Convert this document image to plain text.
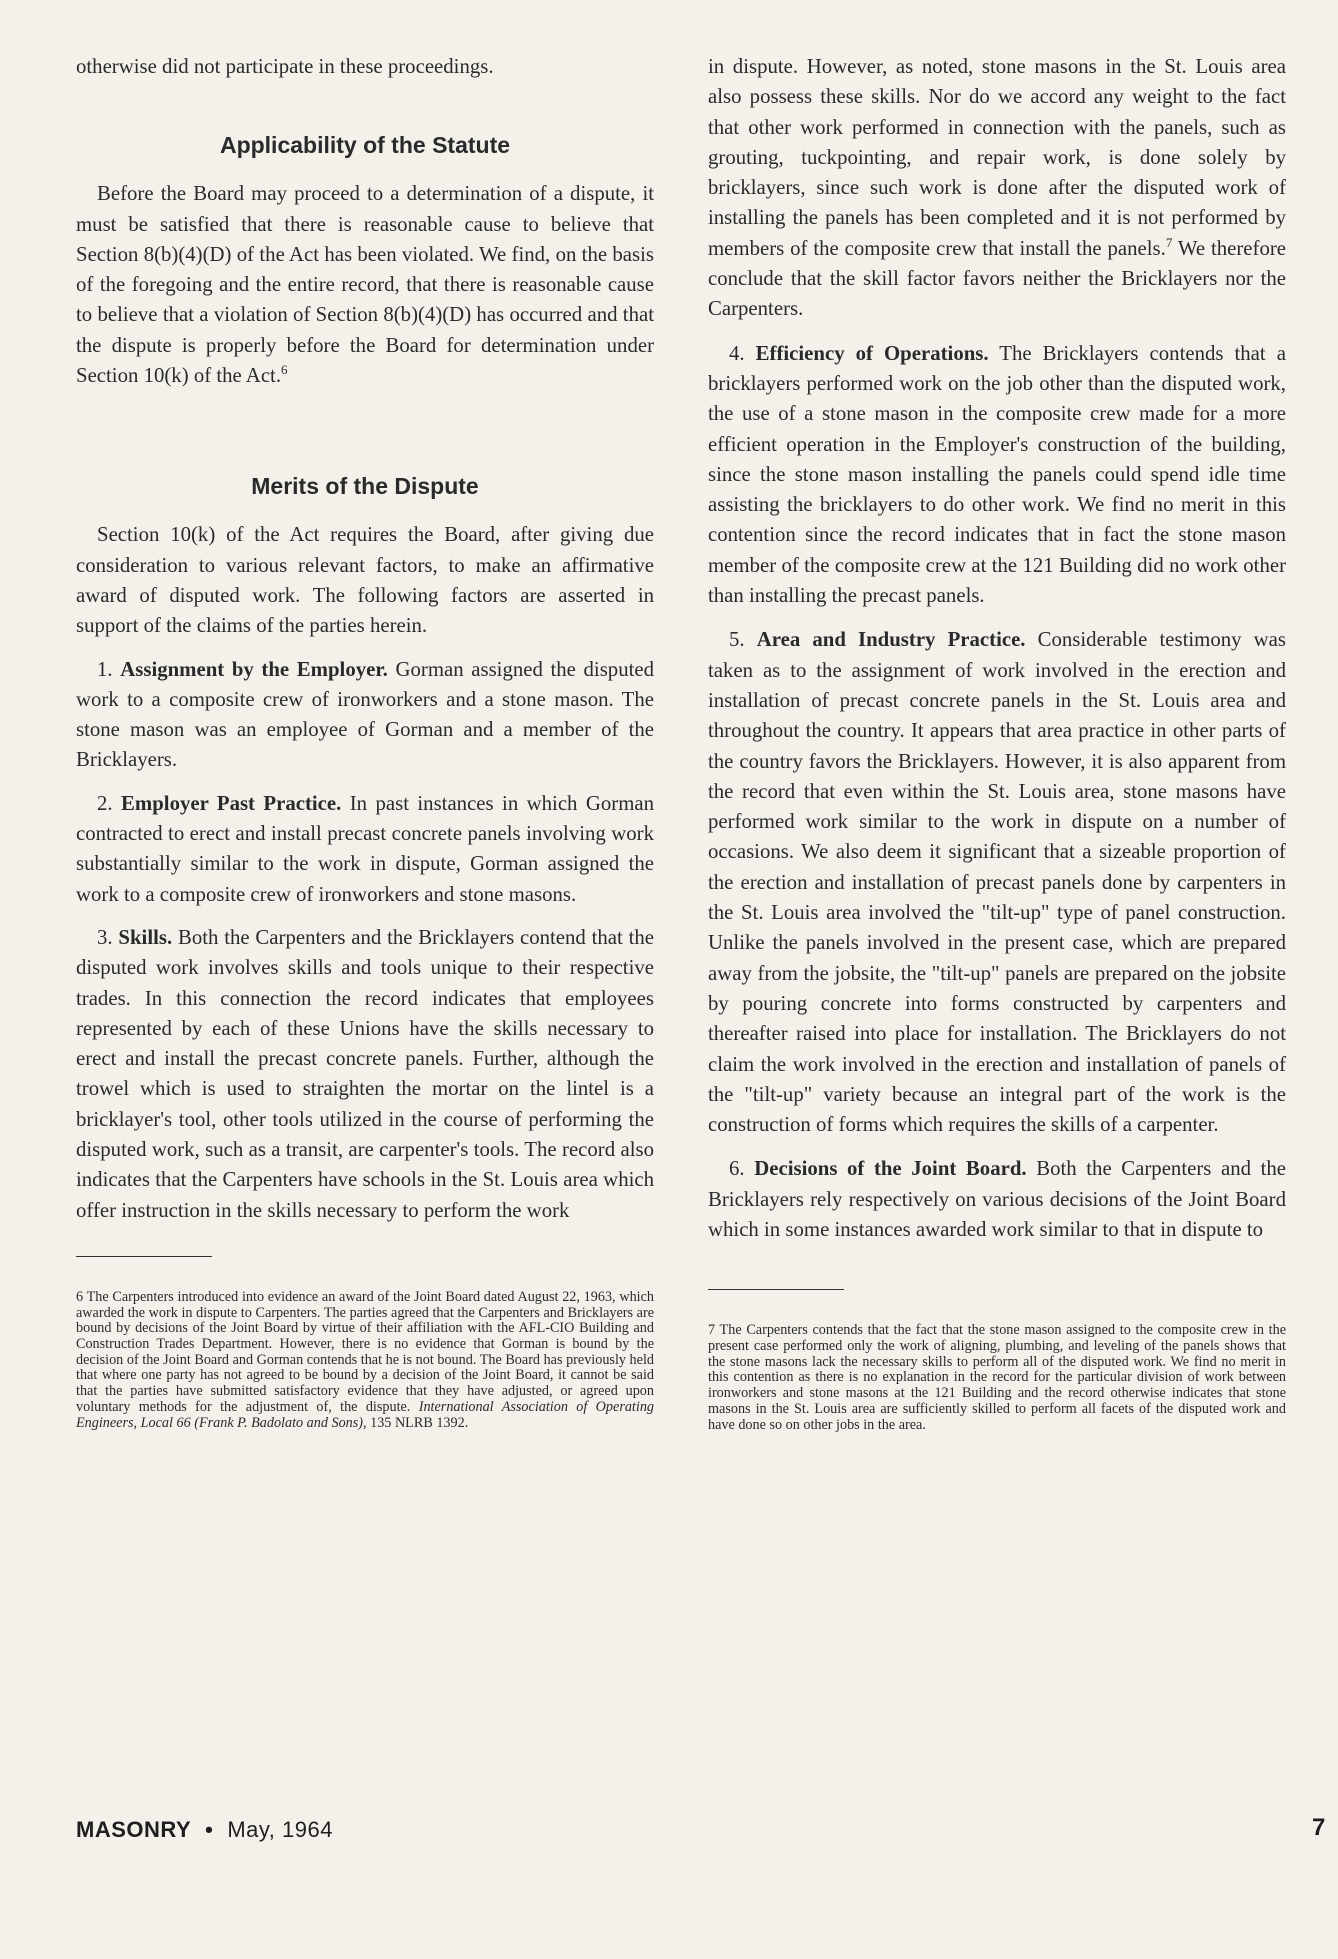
otherwise did not participate in these proceedings.

Applicability of the Statute

Before the Board may proceed to a determination of a dispute, it must be satisfied that there is reasonable cause to believe that Section 8(b)(4)(D) of the Act has been violated. We find, on the basis of the foregoing and the entire record, that there is reasonable cause to believe that a violation of Section 8(b)(4)(D) has occurred and that the dispute is properly before the Board for determination under Section 10(k) of the Act.$^6$

Merits of the Dispute

Section 10(k) of the Act requires the Board, after giving due consideration to various relevant factors, to make an affirmative award of disputed work. The following factors are asserted in support of the claims of the parties herein.

1. Assignment by the Employer. Gorman assigned the disputed work to a composite crew of ironworkers and a stone mason. The stone mason was an employee of Gorman and a member of the Bricklayers.

2. Employer Past Practice. In past instances in which Gorman contracted to erect and install precast concrete panels involving work substantially similar to the work in dispute, Gorman assigned the work to a composite crew of ironworkers and stone masons.

3. Skills. Both the Carpenters and the Bricklayers contend that the disputed work involves skills and tools unique to their respective trades. In this connection the record indicates that employees represented by each of these Unions have the skills necessary to erect and install the precast concrete panels. Further, although the trowel which is used to straighten the mortar on the lintel is a bricklayer's tool, other tools utilized in the course of performing the disputed work, such as a transit, are carpenter's tools. The record also indicates that the Carpenters have schools in the St. Louis area which offer instruction in the skills necessary to perform the work

6 The Carpenters introduced into evidence an award of the Joint Board dated August 22, 1963, which awarded the work in dispute to Carpenters. The parties agreed that the Carpenters and Bricklayers are bound by decisions of the Joint Board by virtue of their affiliation with the AFL-CIO Building and Construction Trades Department. However, there is no evidence that Gorman is bound by the decision of the Joint Board and Gorman contends that he is not bound. The Board has previously held that where one party has not agreed to be bound by a decision of the Joint Board, it cannot be said that the parties have submitted satisfactory evidence that they have adjusted, or agreed upon voluntary methods for the adjustment of, the dispute. International Association of Operating Engineers, Local 66 (Frank P. Badolato and Sons), 135 NLRB 1392.

in dispute. However, as noted, stone masons in the St. Louis area also possess these skills. Nor do we accord any weight to the fact that other work performed in connection with the panels, such as grouting, tuckpointing, and repair work, is done solely by bricklayers, since such work is done after the disputed work of installing the panels has been completed and it is not performed by members of the composite crew that install the panels.$^7$ We therefore conclude that the skill factor favors neither the Bricklayers nor the Carpenters.

4. Efficiency of Operations. The Bricklayers contends that a bricklayers performed work on the job other than the disputed work, the use of a stone mason in the composite crew made for a more efficient operation in the Employer's construction of the building, since the stone mason installing the panels could spend idle time assisting the bricklayers to do other work. We find no merit in this contention since the record indicates that in fact the stone mason member of the composite crew at the 121 Building did no work other than installing the precast panels.

5. Area and Industry Practice. Considerable testimony was taken as to the assignment of work involved in the erection and installation of precast concrete panels in the St. Louis area and throughout the country. It appears that area practice in other parts of the country favors the Bricklayers. However, it is also apparent from the record that even within the St. Louis area, stone masons have performed work similar to the work in dispute on a number of occasions. We also deem it significant that a sizeable proportion of the erection and installation of precast panels done by carpenters in the St. Louis area involved the "tilt-up" type of panel construction. Unlike the panels involved in the present case, which are prepared away from the jobsite, the "tilt-up" panels are prepared on the jobsite by pouring concrete into forms constructed by carpenters and thereafter raised into place for installation. The Bricklayers do not claim the work involved in the erection and installation of panels of the "tilt-up" variety because an integral part of the work is the construction of forms which requires the skills of a carpenter.

6. Decisions of the Joint Board. Both the Carpenters and the Bricklayers rely respectively on various decisions of the Joint Board which in some instances awarded work similar to that in dispute to

7 The Carpenters contends that the fact that the stone mason assigned to the composite crew in the present case performed only the work of aligning, plumbing, and leveling of the panels shows that the stone masons lack the necessary skills to perform all of the disputed work. We find no merit in this contention as there is no explanation in the record for the particular division of work between ironworkers and stone masons at the 121 Building and the record otherwise indicates that stone masons in the St. Louis area are sufficiently skilled to perform all facets of the disputed work and have done so on other jobs in the area.

MASONRY • May, 1964	7
